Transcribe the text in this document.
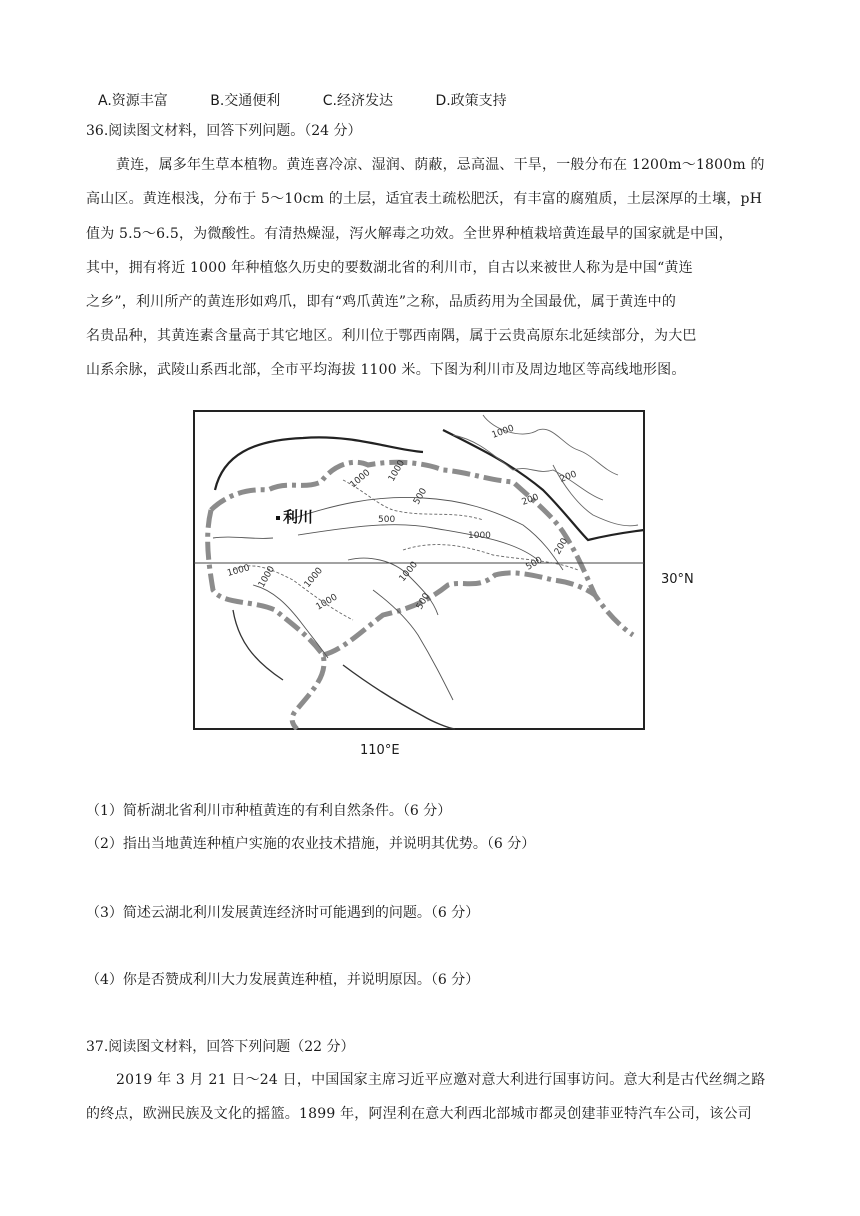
A.资源丰富	B.交通便利	C.经济发达	D.政策支持
36.阅读图文材料，回答下列问题。（24 分）
黄连，属多年生草本植物。黄连喜冷凉、湿润、荫蔽，忌高温、干旱，一般分布在 1200m～1800m 的
高山区。黄连根浅，分布于 5～10cm 的土层，适宜表土疏松肥沃，有丰富的腐殖质，土层深厚的土壤，pH
值为 5.5～6.5，为微酸性。有清热燥湿，泻火解毒之功效。全世界种植栽培黄连最早的国家就是中国，
其中，拥有将近 1000 年种植悠久历史的要数湖北省的利川市，自古以来被世人称为是中国“黄连
之乡”，利川所产的黄连形如鸡爪，即有“鸡爪黄连”之称，品质药用为全国最优，属于黄连中的
名贵品种，其黄连素含量高于其它地区。利川位于鄂西南隅，属于云贵高原东北延续部分，为大巴
山系余脉，武陵山系西北部，全市平均海拔 1100 米。下图为利川市及周边地区等高线地形图。
1000
1000 1000
500
1000
200
200
200
500
1000 1000	1000	1000
500
1000
500
利川
30°N
110°E
（1）简析湖北省利川市种植黄连的有利自然条件。（6 分）
（2）指出当地黄连种植户实施的农业技术措施，并说明其优势。（6 分）
（3）简述云湖北利川发展黄连经济时可能遇到的问题。（6 分）
（4）你是否赞成利川大力发展黄连种植，并说明原因。（6 分）
37.阅读图文材料，回答下列问题（22 分）
2019 年 3 月 21 日～24 日，中国国家主席习近平应邀对意大利进行国事访问。意大利是古代丝绸之路
的终点，欧洲民族及文化的摇篮。1899 年，阿涅利在意大利西北部城市都灵创建菲亚特汽车公司，该公司
